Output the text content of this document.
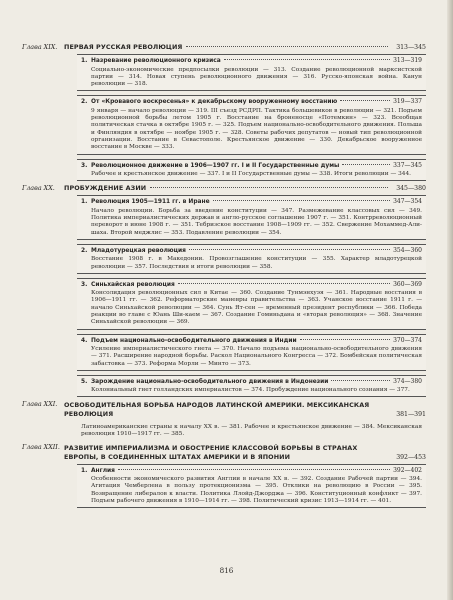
Глава XIX.	ПЕРВАЯ РУССКАЯ РЕВОЛЮЦИЯ	313—345
1. Назревание революционного кризиса	313—319
Социально-экономические предпосылки революции — 313. Создание революционной марксистской партии — 314. Новая ступень революционного движения — 316. Русско-японская война. Канун революции — 318.
2. От «Кровавого воскресенья» к декабрьскому вооруженному восстанию	319—337
9 января — начало революции — 319. III съезд РСДРП. Тактика большевиков в революции — 321. Подъем революционной борьбы летом 1905 г. Восстание на броненосце «Потемкин» — 323. Всеобщая политическая стачка в октябре 1905 г. — 325. Подъем национально-освободительного движения. Польша и Финляндия в октябре — ноябре 1905 г. — 328. Советы рабочих депутатов — новый тип революционной организации. Восстание в Севастополе. Крестьянское движение — 330. Декабрьское вооруженное восстание в Москве — 333.
3. Революционное движение в 1906—1907 гг. I и II Государственные думы	337—345
Рабочее и крестьянское движение — 337. I и II Государственные думы — 338. Итоги революции — 344.
Глава XX.	ПРОБУЖДЕНИЕ АЗИИ	345—380
1. Революция 1905—1911 гг. в Иране	347—354
Начало революции. Борьба за введение конституции — 347. Размежевание классовых сил — 349. Политика империалистических держав и англо-русское соглашение 1907 г. — 351. Контрреволюционный переворот в июне 1908 г. — 351. Тебризское восстание 1908—1909 гг. — 352. Свержение Мохаммед-Али-шаха. Второй меджлис — 353. Подавление революции — 354.
2. Младотурецкая революция	354—360
Восстание 1908 г. в Македонии. Провозглашение конституции — 355. Характер младотурецкой революции — 357. Последствия и итоги революции — 358.
3. Синьхайская революция	360—369
Консолидация революционных сил в Китае — 360. Создание Тунмэнхуэя — 361. Народные восстания в 1906—1911 гг. — 362. Реформаторские маневры правительства — 363. Учанское восстание 1911 г. — начало Синьхайской революции — 364. Сунь Ят-сен — временный президент республики — 366. Победа реакции во главе с Юань Ши-каем — 367. Создание Гоминьдана и «вторая революция» — 368. Значение Синьхайской революции — 369.
4. Подъем национально-освободительного движения в Индии	370—374
Усиление империалистического гнета — 370. Начало подъема национально-освободительного движения — 371. Расширение народной борьбы. Раскол Национального Конгресса — 372. Бомбейская политическая забастовка — 373. Реформа Морли — Минто — 373.
5. Зарождение национально-освободительного движения в Индонезии	374—380
Колониальный гнет голландских империалистов — 374. Пробуждение национального сознания — 377.
Глава XXI.	ОСВОБОДИТЕЛЬНАЯ БОРЬБА НАРОДОВ ЛАТИНСКОЙ АМЕРИКИ. МЕКСИКАНСКАЯ РЕВОЛЮЦИЯ	381—391
Латиноамериканские страны к началу XX в. — 381. Рабочее и крестьянское движение — 384. Мексиканская революция 1910—1917 гг. — 385.
Глава XXII. РАЗВИТИЕ ИМПЕРИАЛИЗМА И ОБОСТРЕНИЕ КЛАССОВОЙ БОРЬБЫ В СТРАНАХ ЕВРОПЫ, В СОЕДИНЕННЫХ ШТАТАХ АМЕРИКИ И В ЯПОНИИ	392—453
1. Англия	392—402
Особенности экономического развития Англии в начале XX в. — 392. Создание Рабочей партии — 394. Агитация Чемберлена в пользу протекционизма — 395. Отклики на революцию в России — 395. Возвращение либералов к власти. Политика Ллойд-Джорджа — 396. Конституционный конфликт — 397. Подъем рабочего движения в 1910—1914 гг. — 398. Политический кризис 1913—1914 гг. — 401.
816
